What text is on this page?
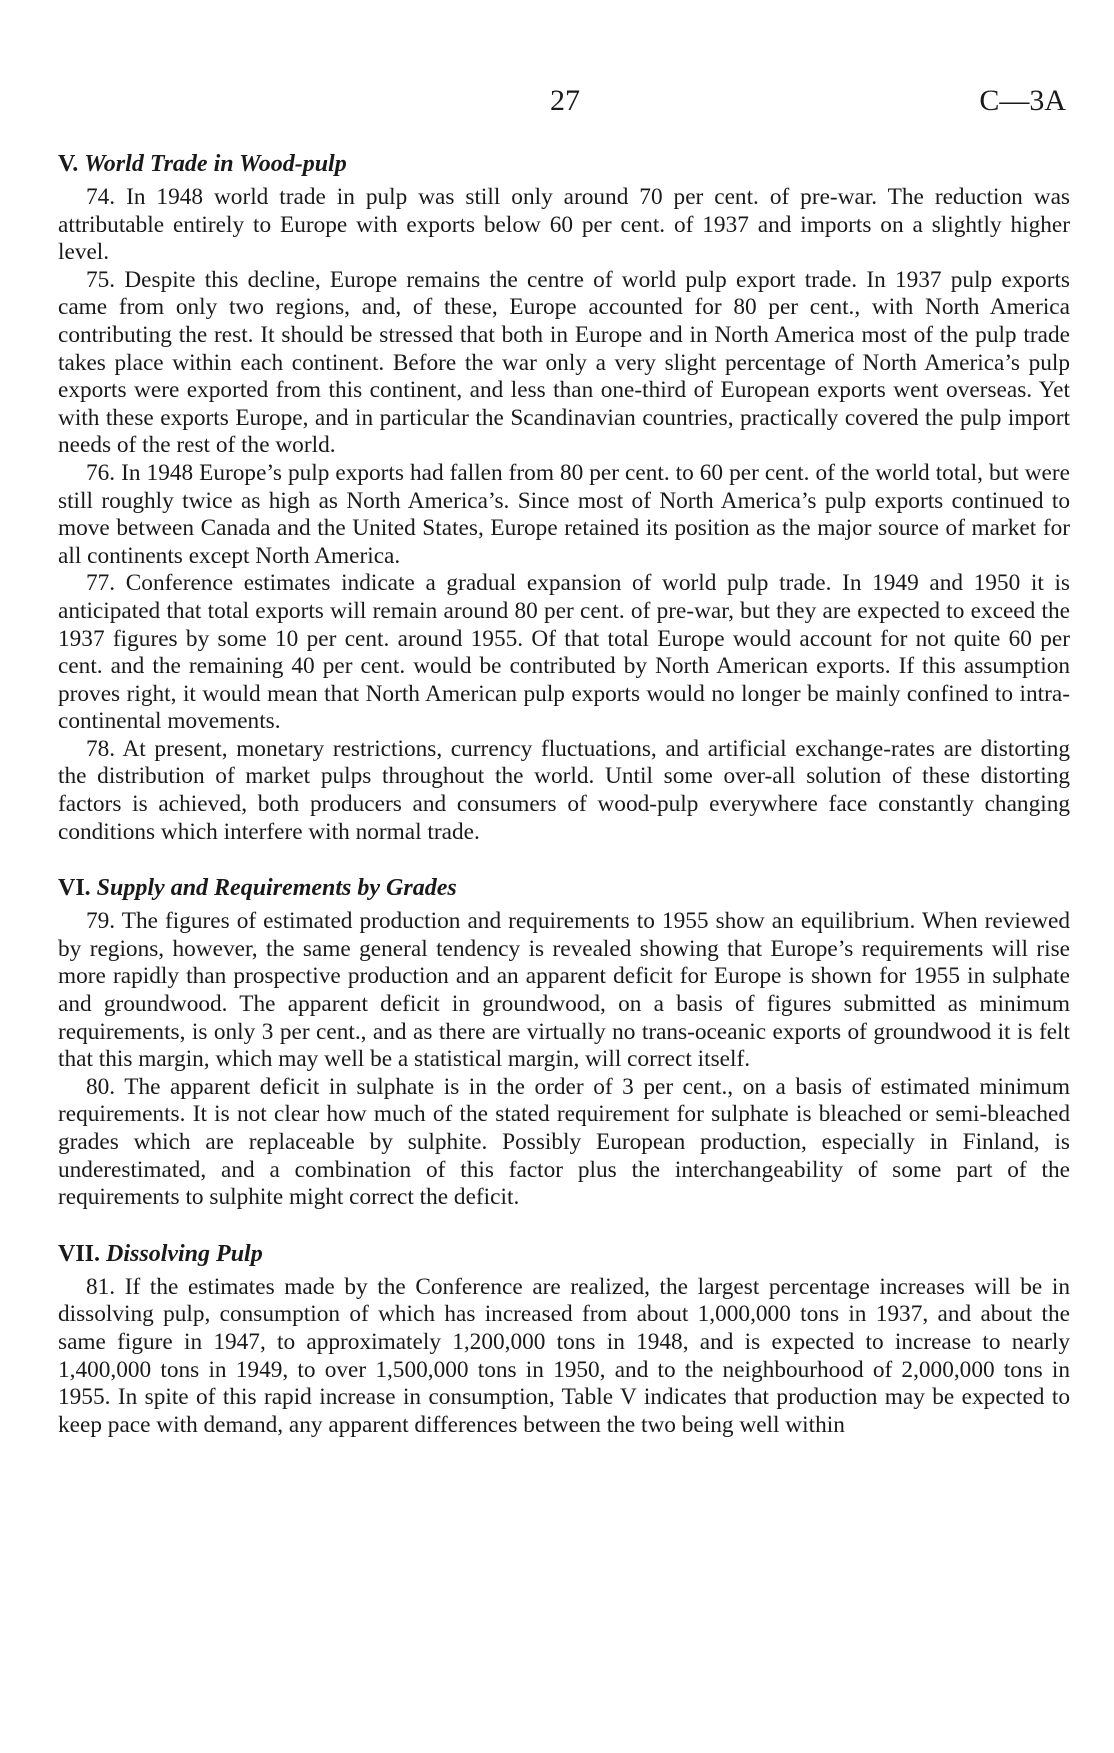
27	C—3A
V. World Trade in Wood-pulp

74. In 1948 world trade in pulp was still only around 70 per cent. of pre-war. The reduction was attributable entirely to Europe with exports below 60 per cent. of 1937 and imports on a slightly higher level.

75. Despite this decline, Europe remains the centre of world pulp export trade. In 1937 pulp exports came from only two regions, and, of these, Europe accounted for 80 per cent., with North America contributing the rest. It should be stressed that both in Europe and in North America most of the pulp trade takes place within each continent. Before the war only a very slight percentage of North America’s pulp exports were exported from this continent, and less than one-third of European exports went overseas. Yet with these exports Europe, and in particular the Scandinavian countries, practically covered the pulp import needs of the rest of the world.

76. In 1948 Europe’s pulp exports had fallen from 80 per cent. to 60 per cent. of the world total, but were still roughly twice as high as North America’s. Since most of North America’s pulp exports continued to move between Canada and the United States, Europe retained its position as the major source of market for all continents except North America.

77. Conference estimates indicate a gradual expansion of world pulp trade. In 1949 and 1950 it is anticipated that total exports will remain around 80 per cent. of pre-war, but they are expected to exceed the 1937 figures by some 10 per cent. around 1955. Of that total Europe would account for not quite 60 per cent. and the remaining 40 per cent. would be contributed by North American exports. If this assumption proves right, it would mean that North American pulp exports would no longer be mainly confined to intra-continental movements.

78. At present, monetary restrictions, currency fluctuations, and artificial exchange-rates are distorting the distribution of market pulps throughout the world. Until some over-all solution of these distorting factors is achieved, both producers and consumers of wood-pulp everywhere face constantly changing conditions which interfere with normal trade.

VI. Supply and Requirements by Grades

79. The figures of estimated production and requirements to 1955 show an equilibrium. When reviewed by regions, however, the same general tendency is revealed showing that Europe’s requirements will rise more rapidly than prospective production and an apparent deficit for Europe is shown for 1955 in sulphate and groundwood. The apparent deficit in groundwood, on a basis of figures submitted as minimum requirements, is only 3 per cent., and as there are virtually no trans-oceanic exports of groundwood it is felt that this margin, which may well be a statistical margin, will correct itself.

80. The apparent deficit in sulphate is in the order of 3 per cent., on a basis of estimated minimum requirements. It is not clear how much of the stated requirement for sulphate is bleached or semi-bleached grades which are replaceable by sulphite. Possibly European production, especially in Finland, is underestimated, and a combination of this factor plus the interchangeability of some part of the requirements to sulphite might correct the deficit.

VII. Dissolving Pulp

81. If the estimates made by the Conference are realized, the largest percentage increases will be in dissolving pulp, consumption of which has increased from about 1,000,000 tons in 1937, and about the same figure in 1947, to approximately 1,200,000 tons in 1948, and is expected to increase to nearly 1,400,000 tons in 1949, to over 1,500,000 tons in 1950, and to the neighbourhood of 2,000,000 tons in 1955. In spite of this rapid increase in consumption, Table V indicates that production may be expected to keep pace with demand, any apparent differences between the two being well within
